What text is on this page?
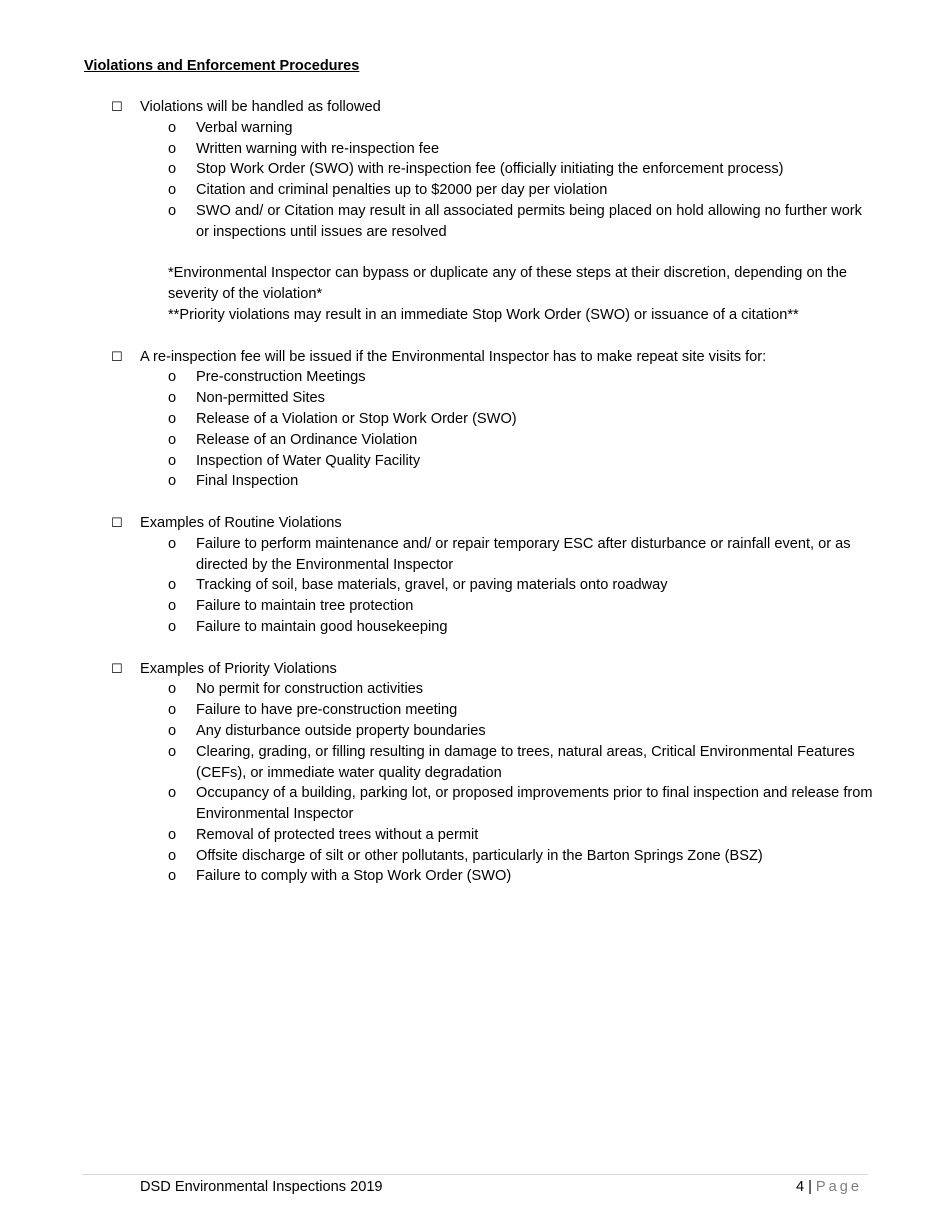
Violations and Enforcement Procedures
☐ Violations will be handled as followed
o Verbal warning
o Written warning with re-inspection fee
o Stop Work Order (SWO) with re-inspection fee (officially initiating the enforcement process)
o Citation and criminal penalties up to $2000 per day per violation
o SWO and/ or Citation may result in all associated permits being placed on hold allowing no further work or inspections until issues are resolved
*Environmental Inspector can bypass or duplicate any of these steps at their discretion, depending on the severity of the violation*
**Priority violations may result in an immediate Stop Work Order (SWO) or issuance of a citation**
☐ A re-inspection fee will be issued if the Environmental Inspector has to make repeat site visits for:
o Pre-construction Meetings
o Non-permitted Sites
o Release of a Violation or Stop Work Order (SWO)
o Release of an Ordinance Violation
o Inspection of Water Quality Facility
o Final Inspection
☐ Examples of Routine Violations
o Failure to perform maintenance and/ or repair temporary ESC after disturbance or rainfall event, or as directed by the Environmental Inspector
o Tracking of soil, base materials, gravel, or paving materials onto roadway
o Failure to maintain tree protection
o Failure to maintain good housekeeping
☐ Examples of Priority Violations
o No permit for construction activities
o Failure to have pre-construction meeting
o Any disturbance outside property boundaries
o Clearing, grading, or filling resulting in damage to trees, natural areas, Critical Environmental Features (CEFs), or immediate water quality degradation
o Occupancy of a building, parking lot, or proposed improvements prior to final inspection and release from Environmental Inspector
o Removal of protected trees without a permit
o Offsite discharge of silt or other pollutants, particularly in the Barton Springs Zone (BSZ)
o Failure to comply with a Stop Work Order (SWO)
DSD Environmental Inspections 2019	4 | Page
